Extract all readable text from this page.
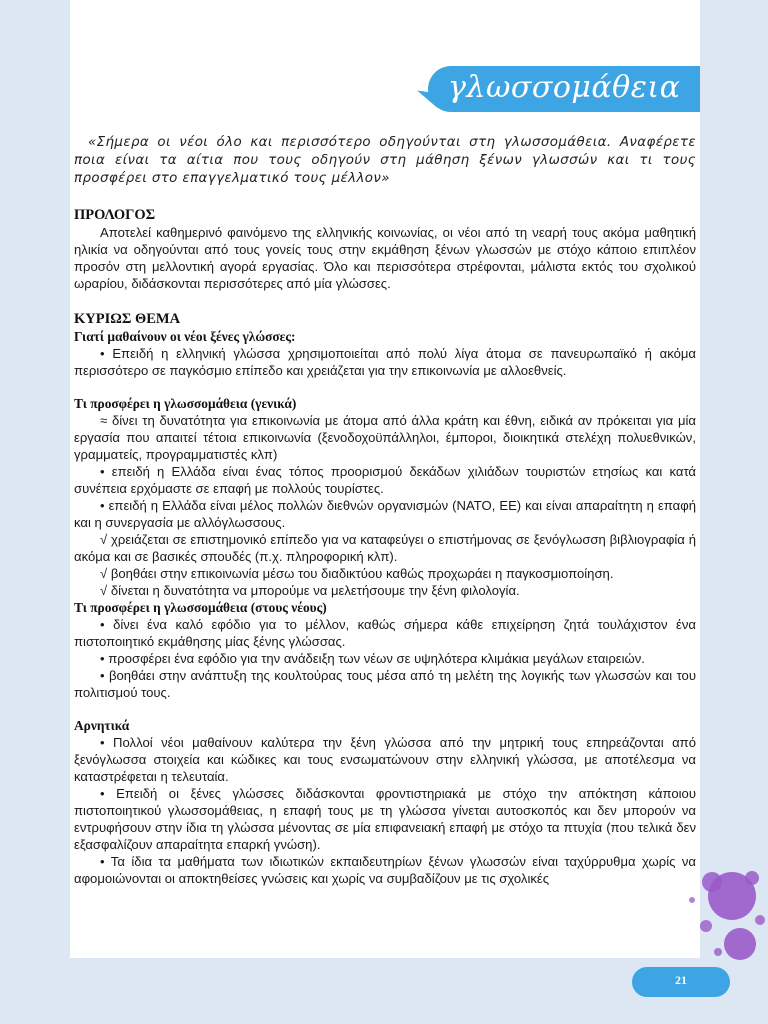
γλωσσομάθεια

«Σήμερα οι νέοι όλο και περισσότερο οδηγούνται στη γλωσσομάθεια. Αναφέρετε ποια είναι τα αίτια που τους οδηγούν στη μάθηση ξένων γλωσσών και τι τους προσφέρει στο επαγγελματικό τους μέλλον»

ΠΡΟΛΟΓΟΣ

Αποτελεί καθημερινό φαινόμενο της ελληνικής κοινωνίας, οι νέοι από τη νεαρή τους ακόμα μαθητική ηλικία να οδηγούνται από τους γονείς τους στην εκμάθηση ξένων γλωσσών με στόχο κάποιο επιπλέον προσόν στη μελλοντική αγορά εργασίας. Όλο και περισσότερα στρέφονται, μάλιστα εκτός του σχολικού ωραρίου, διδάσκονται περισσότερες από μία γλώσσες.

ΚΥΡΙΩΣ ΘΕΜΑ
Γιατί μαθαίνουν οι νέοι ξένες γλώσσες:

• Επειδή η ελληνική γλώσσα χρησιμοποιείται από πολύ λίγα άτομα σε πανευρωπαϊκό ή ακόμα περισσότερο σε παγκόσμιο επίπεδο και χρειάζεται για την επικοινωνία με αλλοεθνείς.

Τι προσφέρει η γλωσσομάθεια (γενικά)

≈ δίνει τη δυνατότητα για επικοινωνία με άτομα από άλλα κράτη και έθνη, ειδικά αν πρόκειται για μία εργασία που απαιτεί τέτοια επικοινωνία (ξενοδοχοϋπάλληλοι, έμποροι, διοικητικά στελέχη πολυεθνικών, γραμματείς, προγραμματιστές κλπ)

• επειδή η Ελλάδα είναι ένας τόπος προορισμού δεκάδων χιλιάδων τουριστών ετησίως και κατά συνέπεια ερχόμαστε σε επαφή με πολλούς τουρίστες.

• επειδή η Ελλάδα είναι μέλος πολλών διεθνών οργανισμών (ΝΑΤΟ, ΕΕ) και είναι απαραίτητη η επαφή και η συνεργασία με αλλόγλωσσους.

√ χρειάζεται σε επιστημονικό επίπεδο για να καταφεύγει ο επιστήμονας σε ξενόγλωσση βιβλιογραφία ή ακόμα και σε βασικές σπουδές (π.χ. πληροφορική κλπ).

√ βοηθάει στην επικοινωνία μέσω του διαδικτύου καθώς προχωράει η παγκοσμιοποίηση.

√ δίνεται η δυνατότητα να μπορούμε να μελετήσουμε την ξένη φιλολογία.

Τι προσφέρει η γλωσσομάθεια (στους νέους)

• δίνει ένα καλό εφόδιο για το μέλλον, καθώς σήμερα κάθε επιχείρηση ζητά τουλάχιστον ένα πιστοποιητικό εκμάθησης μίας ξένης γλώσσας.

• προσφέρει ένα εφόδιο για την ανάδειξη των νέων σε υψηλότερα κλιμάκια μεγάλων εταιρειών.

• βοηθάει στην ανάπτυξη της κουλτούρας τους μέσα από τη μελέτη της λογικής των γλωσσών και του πολιτισμού τους.

Αρνητικά

• Πολλοί νέοι μαθαίνουν καλύτερα την ξένη γλώσσα από την μητρική τους επηρεάζονται από ξενόγλωσσα στοιχεία και κώδικες και τους ενσωματώνουν στην ελληνική γλώσσα, με αποτέλεσμα να καταστρέφεται η τελευταία.

• Επειδή οι ξένες γλώσσες διδάσκονται φροντιστηριακά με στόχο την απόκτηση κάποιου πιστοποιητικού γλωσσομάθειας, η επαφή τους με τη γλώσσα γίνεται αυτοσκοπός και δεν μπορούν να εντρυφήσουν στην ίδια τη γλώσσα μένοντας σε μία επιφανειακή επαφή με στόχο τα πτυχία (που τελικά δεν εξασφαλίζουν απαραίτητα επαρκή γνώση).

• Τα ίδια τα μαθήματα των ιδιωτικών εκπαιδευτηρίων ξένων γλωσσών είναι ταχύρρυθμα χωρίς να αφομοιώνονται οι αποκτηθείσες γνώσεις και χωρίς να συμβαδίζουν με τις σχολικές

21
